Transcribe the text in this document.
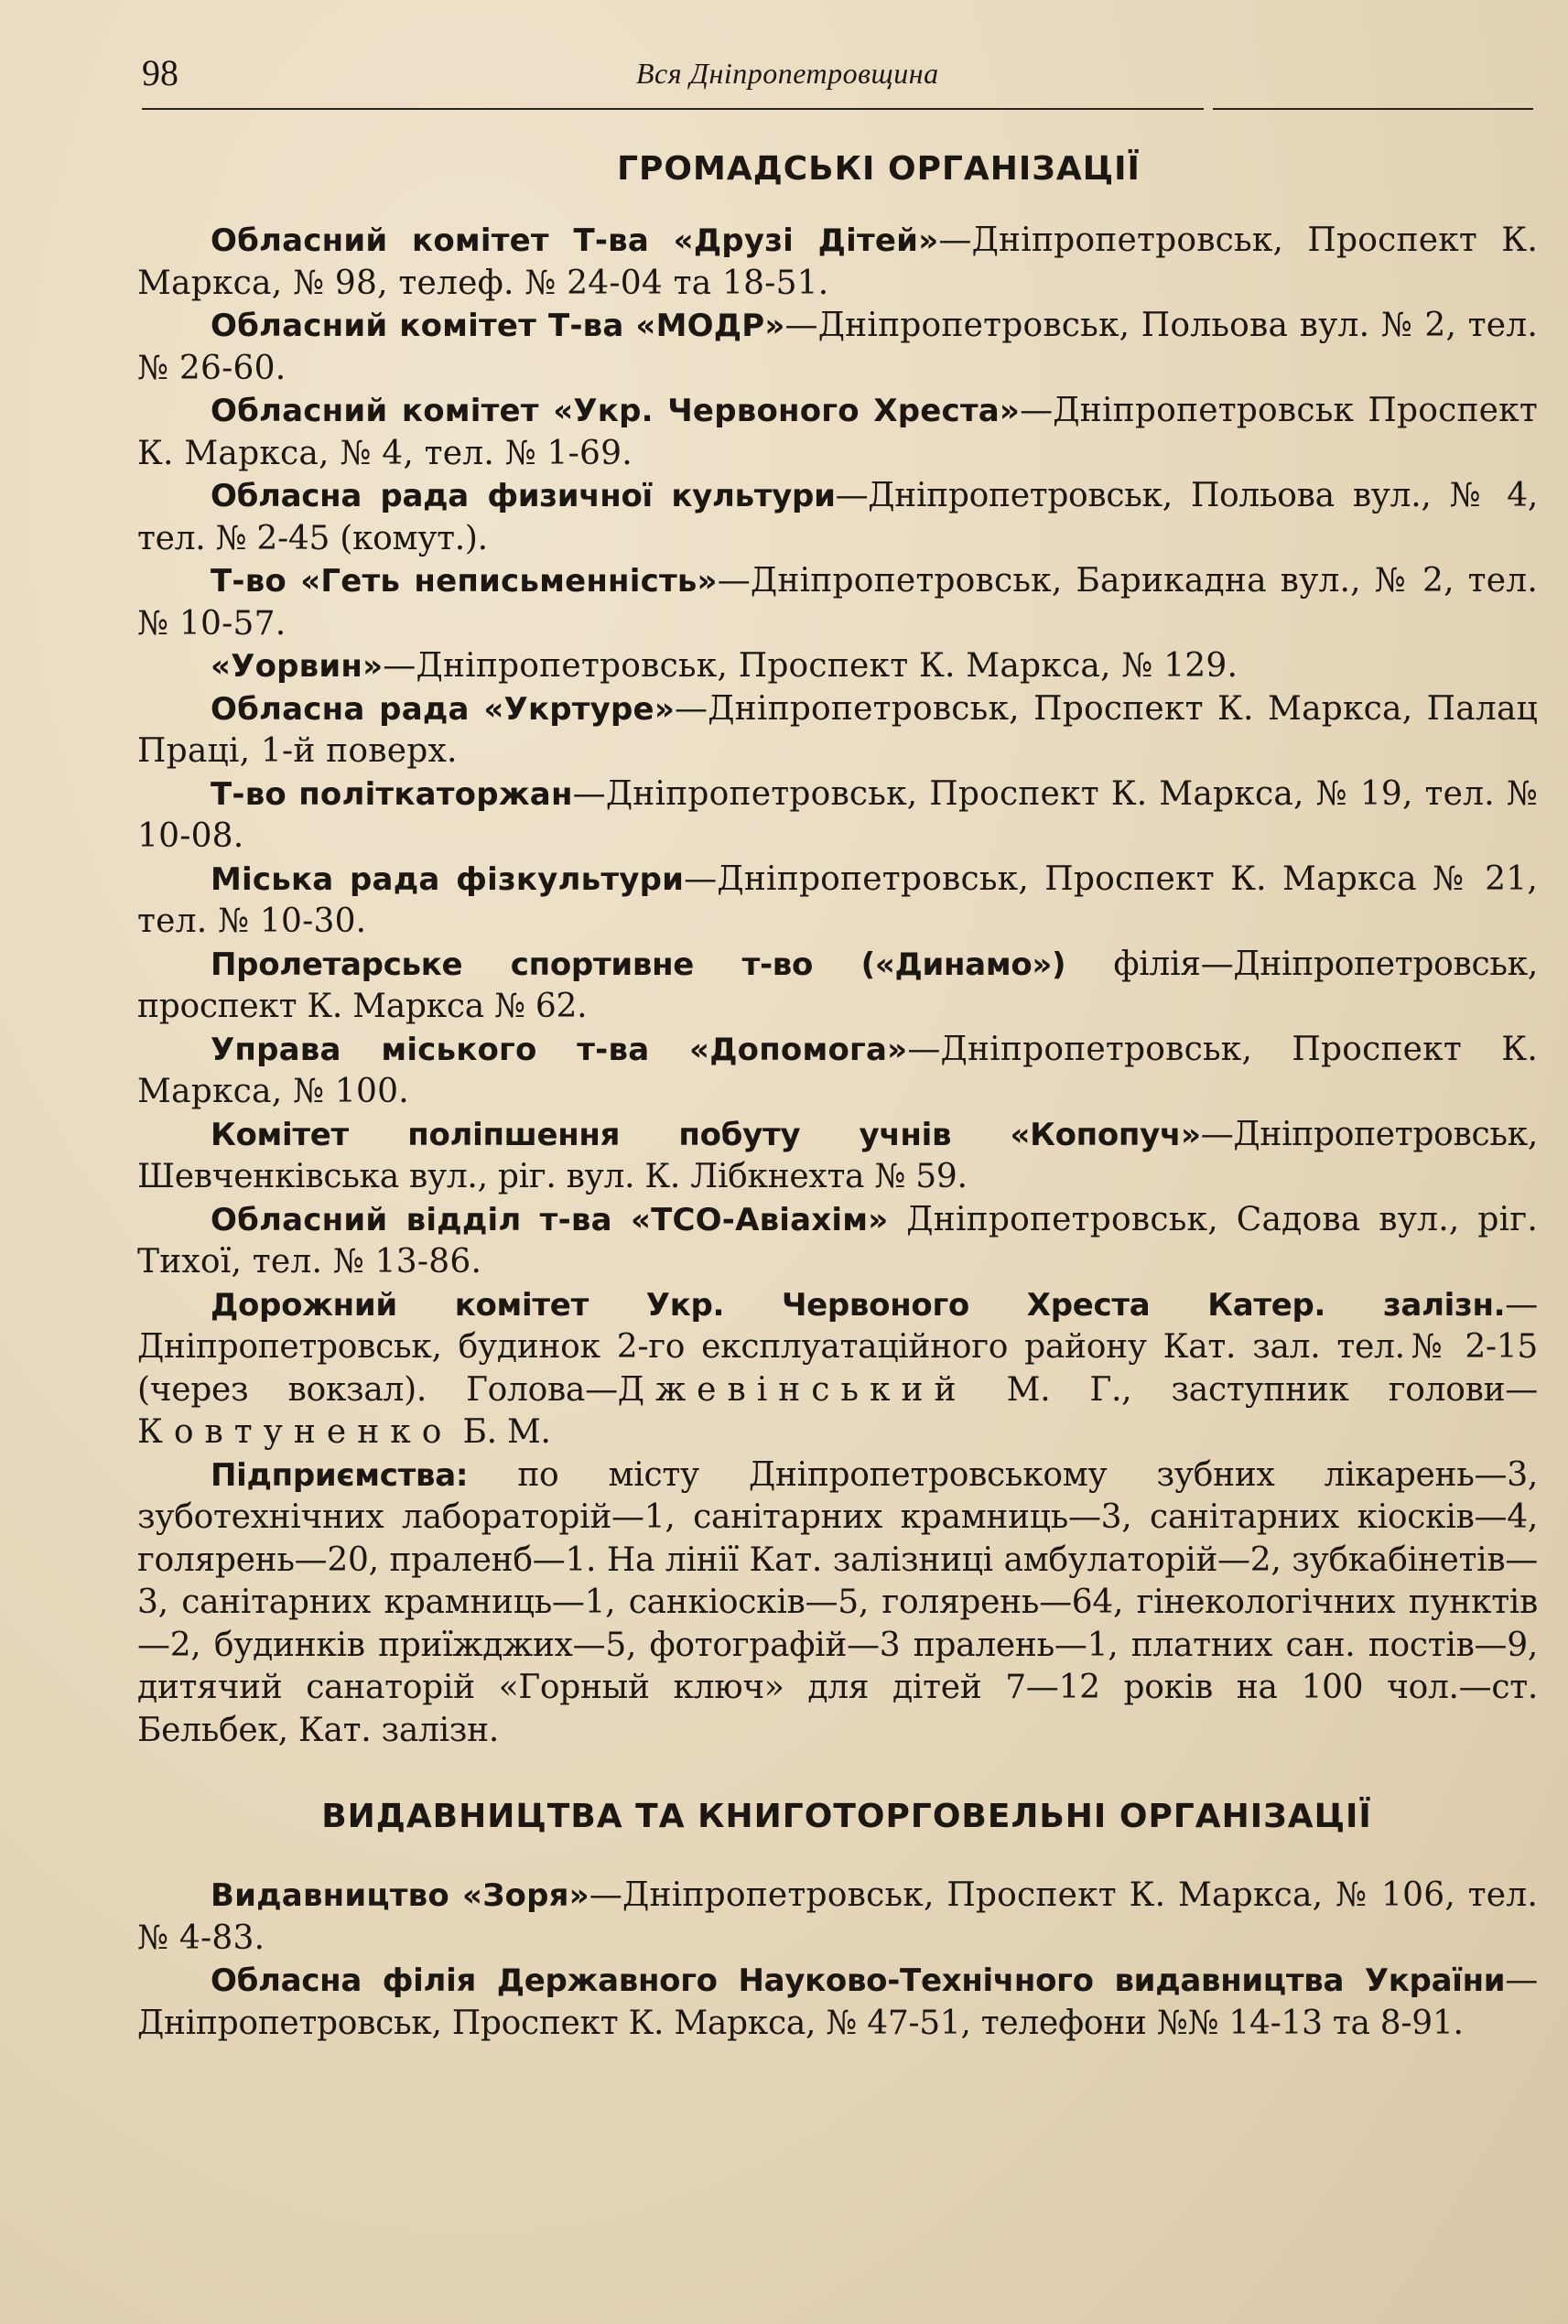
98	Вся Дніпропетровщина
ГРОМАДСЬКІ ОРГАНІЗАЦІЇ

Обласний комітет Т-ва «Друзі Дітей»—Дніпропетровськ, Проспект К. Маркса, № 98, телеф. № 24-04 та 18-51.

Обласний комітет Т-ва «МОДР»—Дніпропетровськ, Польова вул. № 2, тел. № 26-60.

Обласний комітет «Укр. Червоного Хреста»—Дніпропетровськ Проспект К. Маркса, № 4, тел. № 1-69.

Обласна рада физичної культури—Дніпропетровськ, Польова вул., № 4, тел. № 2-45 (комут.).

Т-во «Геть неписьменність»—Дніпропетровськ, Барикадна вул., № 2, тел. № 10-57.

«Уорвин»—Дніпропетровськ, Проспект К. Маркса, № 129.

Обласна рада «Укртуре»—Дніпропетровськ, Проспект К. Маркса, Палац Праці, 1-й поверх.

Т-во політкаторжан—Дніпропетровськ, Проспект К. Маркса, № 19, тел. № 10-08.

Міська рада фізкультури—Дніпропетровськ, Проспект К. Маркса № 21, тел. № 10-30.

Пролетарське спортивне т-во («Динамо») філія—Дніпропетровськ, проспект К. Маркса № 62.

Управа міського т-ва «Допомога»—Дніпропетровськ, Проспект К. Маркса, № 100.

Комітет поліпшення побуту учнів «Копопуч»—Дніпропетровськ, Шевченківська вул., ріг. вул. К. Лібкнехта № 59.

Обласний відділ т-ва «ТСО-Авіахім» Дніпропетровськ, Садова вул., ріг. Тихої, тел. № 13-86.

Дорожний комітет Укр. Червоного Хреста Катер. залізн.—Дніпропетровськ, будинок 2-го експлуатаційного району Кат. зал. тел.№ 2-15 (через вокзал). Голова—Джевінський М. Г., заступник голови—Ковтуненко Б. М.

Підприємства: по місту Дніпропетровському зубних лікарень—3, зуботехнічних лабораторій—1, санітарних крамниць—3, санітарних кіосків—4, голярень—20, праленб—1. На лінії Кат. залізниці амбулаторій—2, зубкабінетів—3, санітарних крамниць—1, санкіосків—5, голярень—64, гінекологічних пунктів—2, будинків приїжджих—5, фотографій—3 пралень—1, платних сан. постів—9, дитячий санаторій «Горный ключ» для дітей 7—12 років на 100 чол.—ст. Бельбек, Кат. залізн.

ВИДАВНИЦТВА ТА КНИГОТОРГОВЕЛЬНІ ОРГАНІЗАЦІЇ

Видавництво «Зоря»—Дніпропетровськ, Проспект К. Маркса, № 106, тел. № 4-83.

Обласна філія Державного Науково-Технічного видавництва України—Дніпропетровськ, Проспект К. Маркса, № 47-51, телефони №№ 14-13 та 8-91.
